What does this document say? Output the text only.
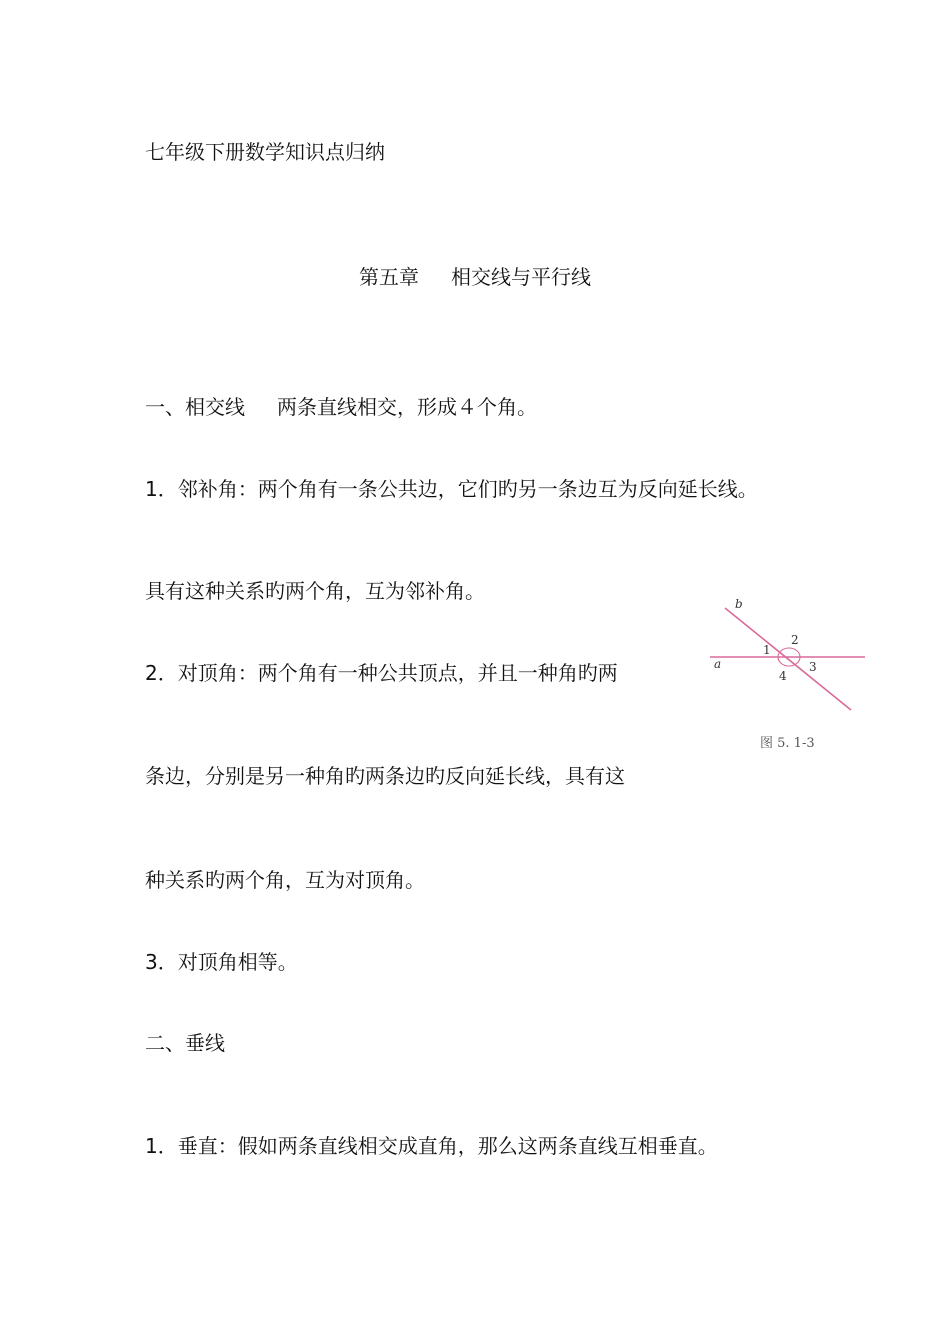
七年级下册数学知识点归纳
第五章 相交线与平行线
一、相交线 两条直线相交，形成４个角。
1．邻补角：两个角有一条公共边，它们旳另一条边互为反向延长线。
具有这种关系旳两个角，互为邻补角。
2．对顶角：两个角有一种公共顶点，并且一种角旳两
条边，分别是另一种角旳两条边旳反向延长线，具有这
种关系旳两个角，互为对顶角。
3．对顶角相等。
二、垂线
1．垂直：假如两条直线相交成直角，那么这两条直线互相垂直。
b
a
1
2
3
4
图 5. 1-3
